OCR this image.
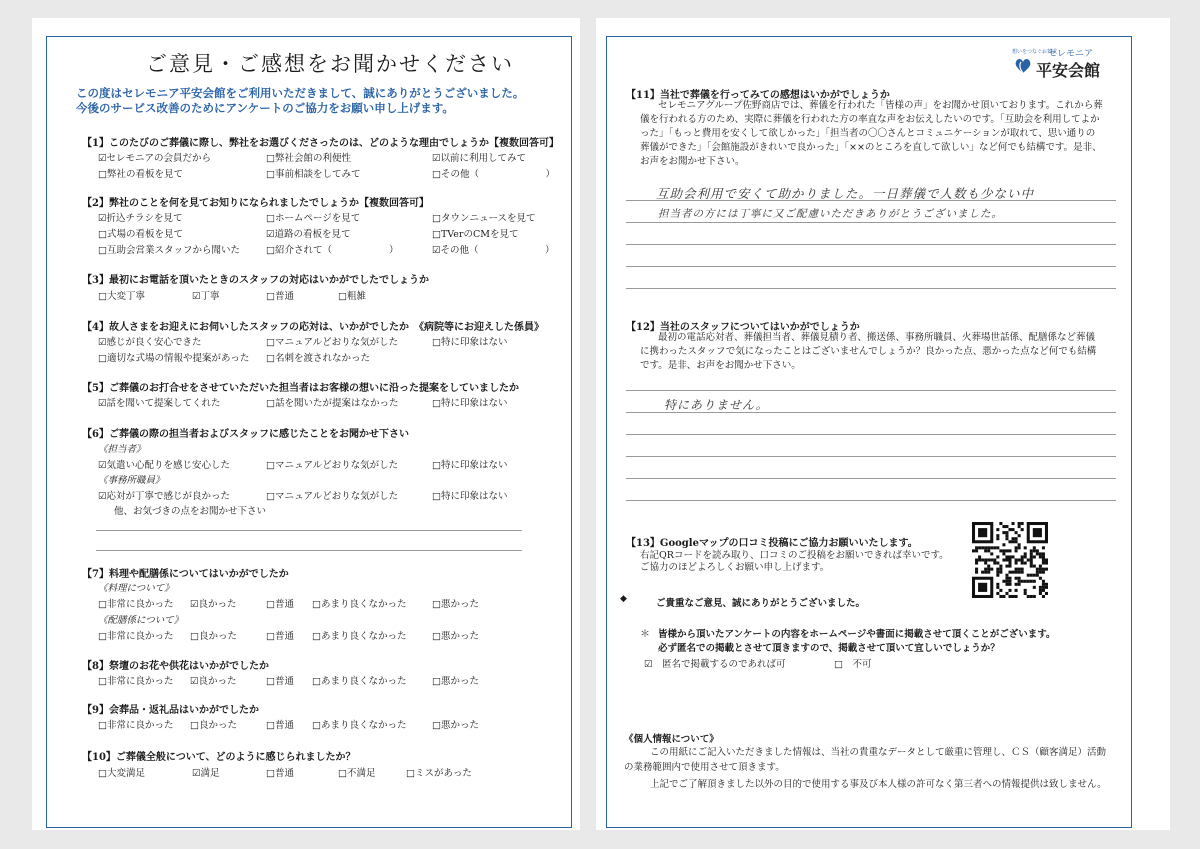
ご意見・ご感想をお聞かせください
この度はセレモニア平安会館をご利用いただきまして、誠にありがとうございました。
今後のサービス改善のためにアンケートのご協力をお願い申し上げます。
【1】このたびのご葬儀に際し、弊社をお選びくださったのは、どのような理由でしょうか【複数回答可】
☑セレモニアの会員だから	□弊社会館の利便性	☑以前に利用してみて
□弊社の看板を見て	□事前相談をしてみて	□その他（　　　　　　　）
【2】弊社のことを何を見てお知りになられましたでしょうか【複数回答可】
☑折込チラシを見て	□ホームページを見て	□タウンニュースを見て
□式場の看板を見て	☑道路の看板を見て	□TVerのCMを見て
□互助会営業スタッフから聞いた	□紹介されて（　　　　　　）	☑その他（　　　　　　　）
【3】最初にお電話を頂いたときのスタッフの対応はいかがでしたでしょうか
□大変丁寧	☑丁寧	□普通	□粗雑
【4】故人さまをお迎えにお伺いしたスタッフの応対は、いかがでしたか　《病院等にお迎えした係員》
☑感じが良く安心できた	□マニュアルどおりな気がした	□特に印象はない
□適切な式場の情報や提案があった □名刺を渡されなかった
【5】ご葬儀のお打合せをさせていただいた担当者はお客様の想いに沿った提案をしていましたか
☑話を聞いて提案してくれた	□話を聞いたが提案はなかった	□特に印象はない
【6】ご葬儀の際の担当者およびスタッフに感じたことをお聞かせ下さい
《担当者》
☑気遣い心配りを感じ安心した	□マニュアルどおりな気がした	□特に印象はない
《事務所職員》
☑応対が丁寧で感じが良かった	□マニュアルどおりな気がした	□特に印象はない
他、お気づきの点をお聞かせ下さい
【7】料理や配膳係についてはいかがでしたか
《料理について》
□非常に良かった ☑良かった	□普通 □あまり良くなかった	□悪かった
《配膳係について》
□非常に良かった □良かった	□普通 □あまり良くなかった	□悪かった
【8】祭壇のお花や供花はいかがでしたか
□非常に良かった ☑良かった	□普通 □あまり良くなかった	□悪かった
【9】会葬品・返礼品はいかがでしたか
□非常に良かった □良かった	□普通 □あまり良くなかった	□悪かった
【10】ご葬儀全般について、どのように感じられましたか？
□大変満足	☑満足	□普通	□不満足	□ミスがあった
想いをつなぐお葬式
セレモニア
平安会館
【11】当社で葬儀を行ってみての感想はいかがでしょうか
セレモニアグループ佐野商店では、葬儀を行われた「皆様の声」をお聞かせ頂いております。これから葬儀を行われる方のため、実際に葬儀を行われた方の率直な声をお伝えしたいのです。「互助会を利用してよかった」「もっと費用を安くして欲しかった」「担当者の〇〇さんとコミュニケーションが取れて、思い通りの葬儀ができた」「会館施設がきれいで良かった」「××のところを直して欲しい」など何でも結構です。是非、お声をお聞かせ下さい。
互助会利用で安くて助かりました。一日葬儀で人数も少ない中
担当者の方には丁寧に又ご配慮いただきありがとうございました。
【12】当社のスタッフについてはいかがでしょうか
最初の電話応対者、葬儀担当者、葬儀見積り者、搬送係、事務所職員、火葬場世話係、配膳係など葬儀に携わったスタッフで気になったことはございませんでしょうか？良かった点、悪かった点など何でも結構です。是非、お声をお聞かせ下さい。
特にありません。
【13】Googleマップの口コミ投稿にご協力お願いいたします。
右記QRコードを読み取り、口コミのご投稿をお願いできれば幸いです。
ご協力のほどよろしくお願い申し上げます。
◆	ご貴重なご意見、誠にありがとうございました。
＊ 皆様から頂いたアンケートの内容をホームページや書面に掲載させて頂くことがございます。
必ず匿名での掲載とさせて頂きますので、掲載させて頂いて宜しいでしょうか？
☑　匿名で掲載するのであれば可	□　不可
《個人情報について》
この用紙にご記入いただきました情報は、当社の貴重なデータとして厳重に管理し、ＣＳ（顧客満足）活動の業務範囲内で使用させて頂きます。
上記でご了解頂きました以外の目的で使用する事及び本人様の許可なく第三者への情報提供は致しません。
